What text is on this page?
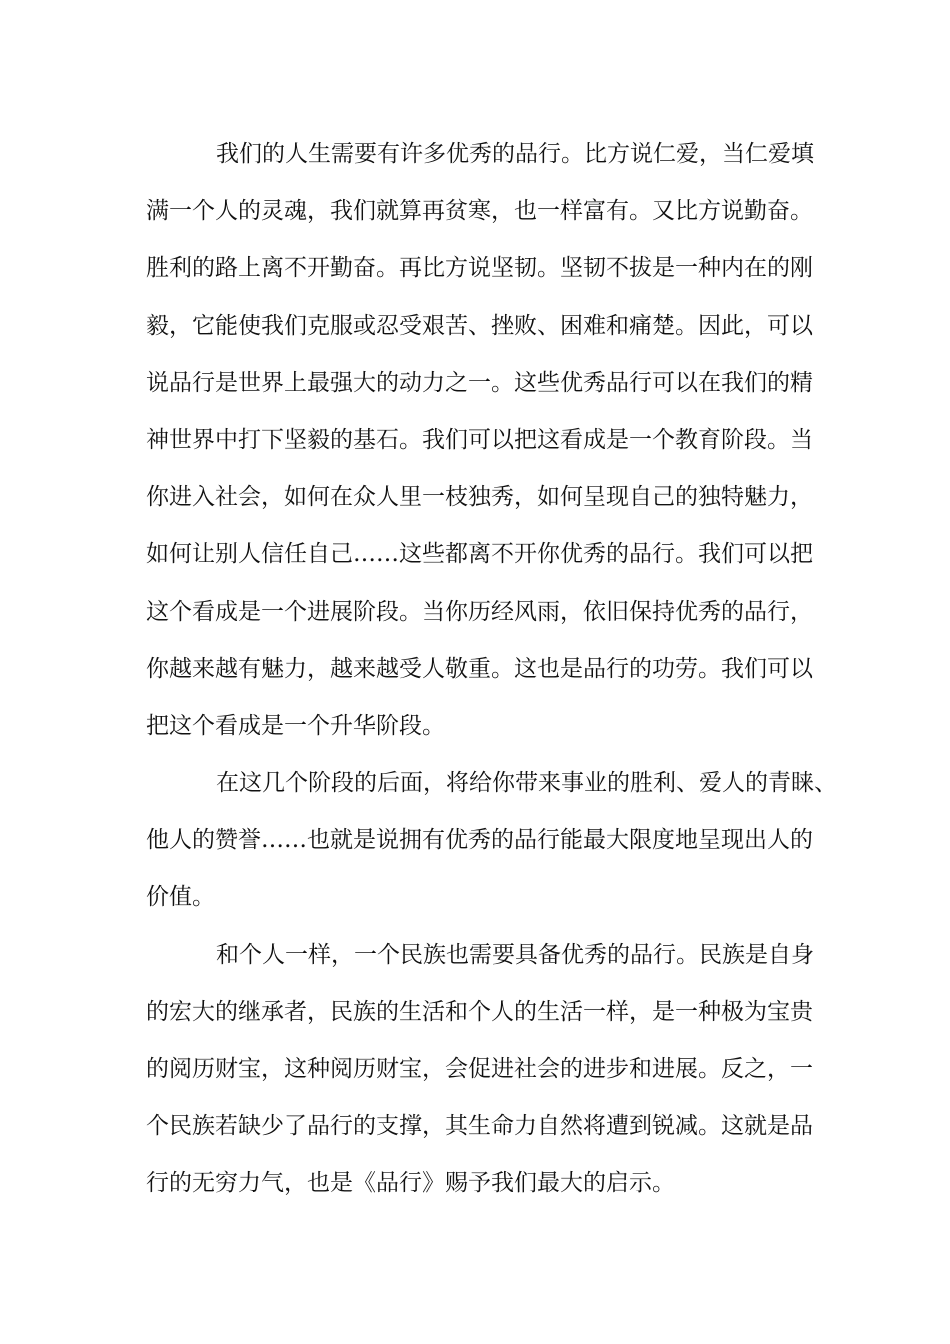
我们的人生需要有许多优秀的品行。比方说仁爱，当仁爱填
满一个人的灵魂，我们就算再贫寒，也一样富有。又比方说勤奋。
胜利的路上离不开勤奋。再比方说坚韧。坚韧不拔是一种内在的刚
毅，它能使我们克服或忍受艰苦、挫败、困难和痛楚。因此，可以
说品行是世界上最强大的动力之一。这些优秀品行可以在我们的精
神世界中打下坚毅的基石。我们可以把这看成是一个教育阶段。当
你进入社会，如何在众人里一枝独秀，如何呈现自己的独特魅力，
如何让别人信任自己……这些都离不开你优秀的品行。我们可以把
这个看成是一个进展阶段。当你历经风雨，依旧保持优秀的品行，
你越来越有魅力，越来越受人敬重。这也是品行的功劳。我们可以
把这个看成是一个升华阶段。
在这几个阶段的后面，将给你带来事业的胜利、爱人的青睐、
他人的赞誉……也就是说拥有优秀的品行能最大限度地呈现出人的
价值。
和个人一样，一个民族也需要具备优秀的品行。民族是自身
的宏大的继承者，民族的生活和个人的生活一样，是一种极为宝贵
的阅历财宝，这种阅历财宝，会促进社会的进步和进展。反之，一
个民族若缺少了品行的支撑，其生命力自然将遭到锐减。这就是品
行的无穷力气，也是《品行》赐予我们最大的启示。
